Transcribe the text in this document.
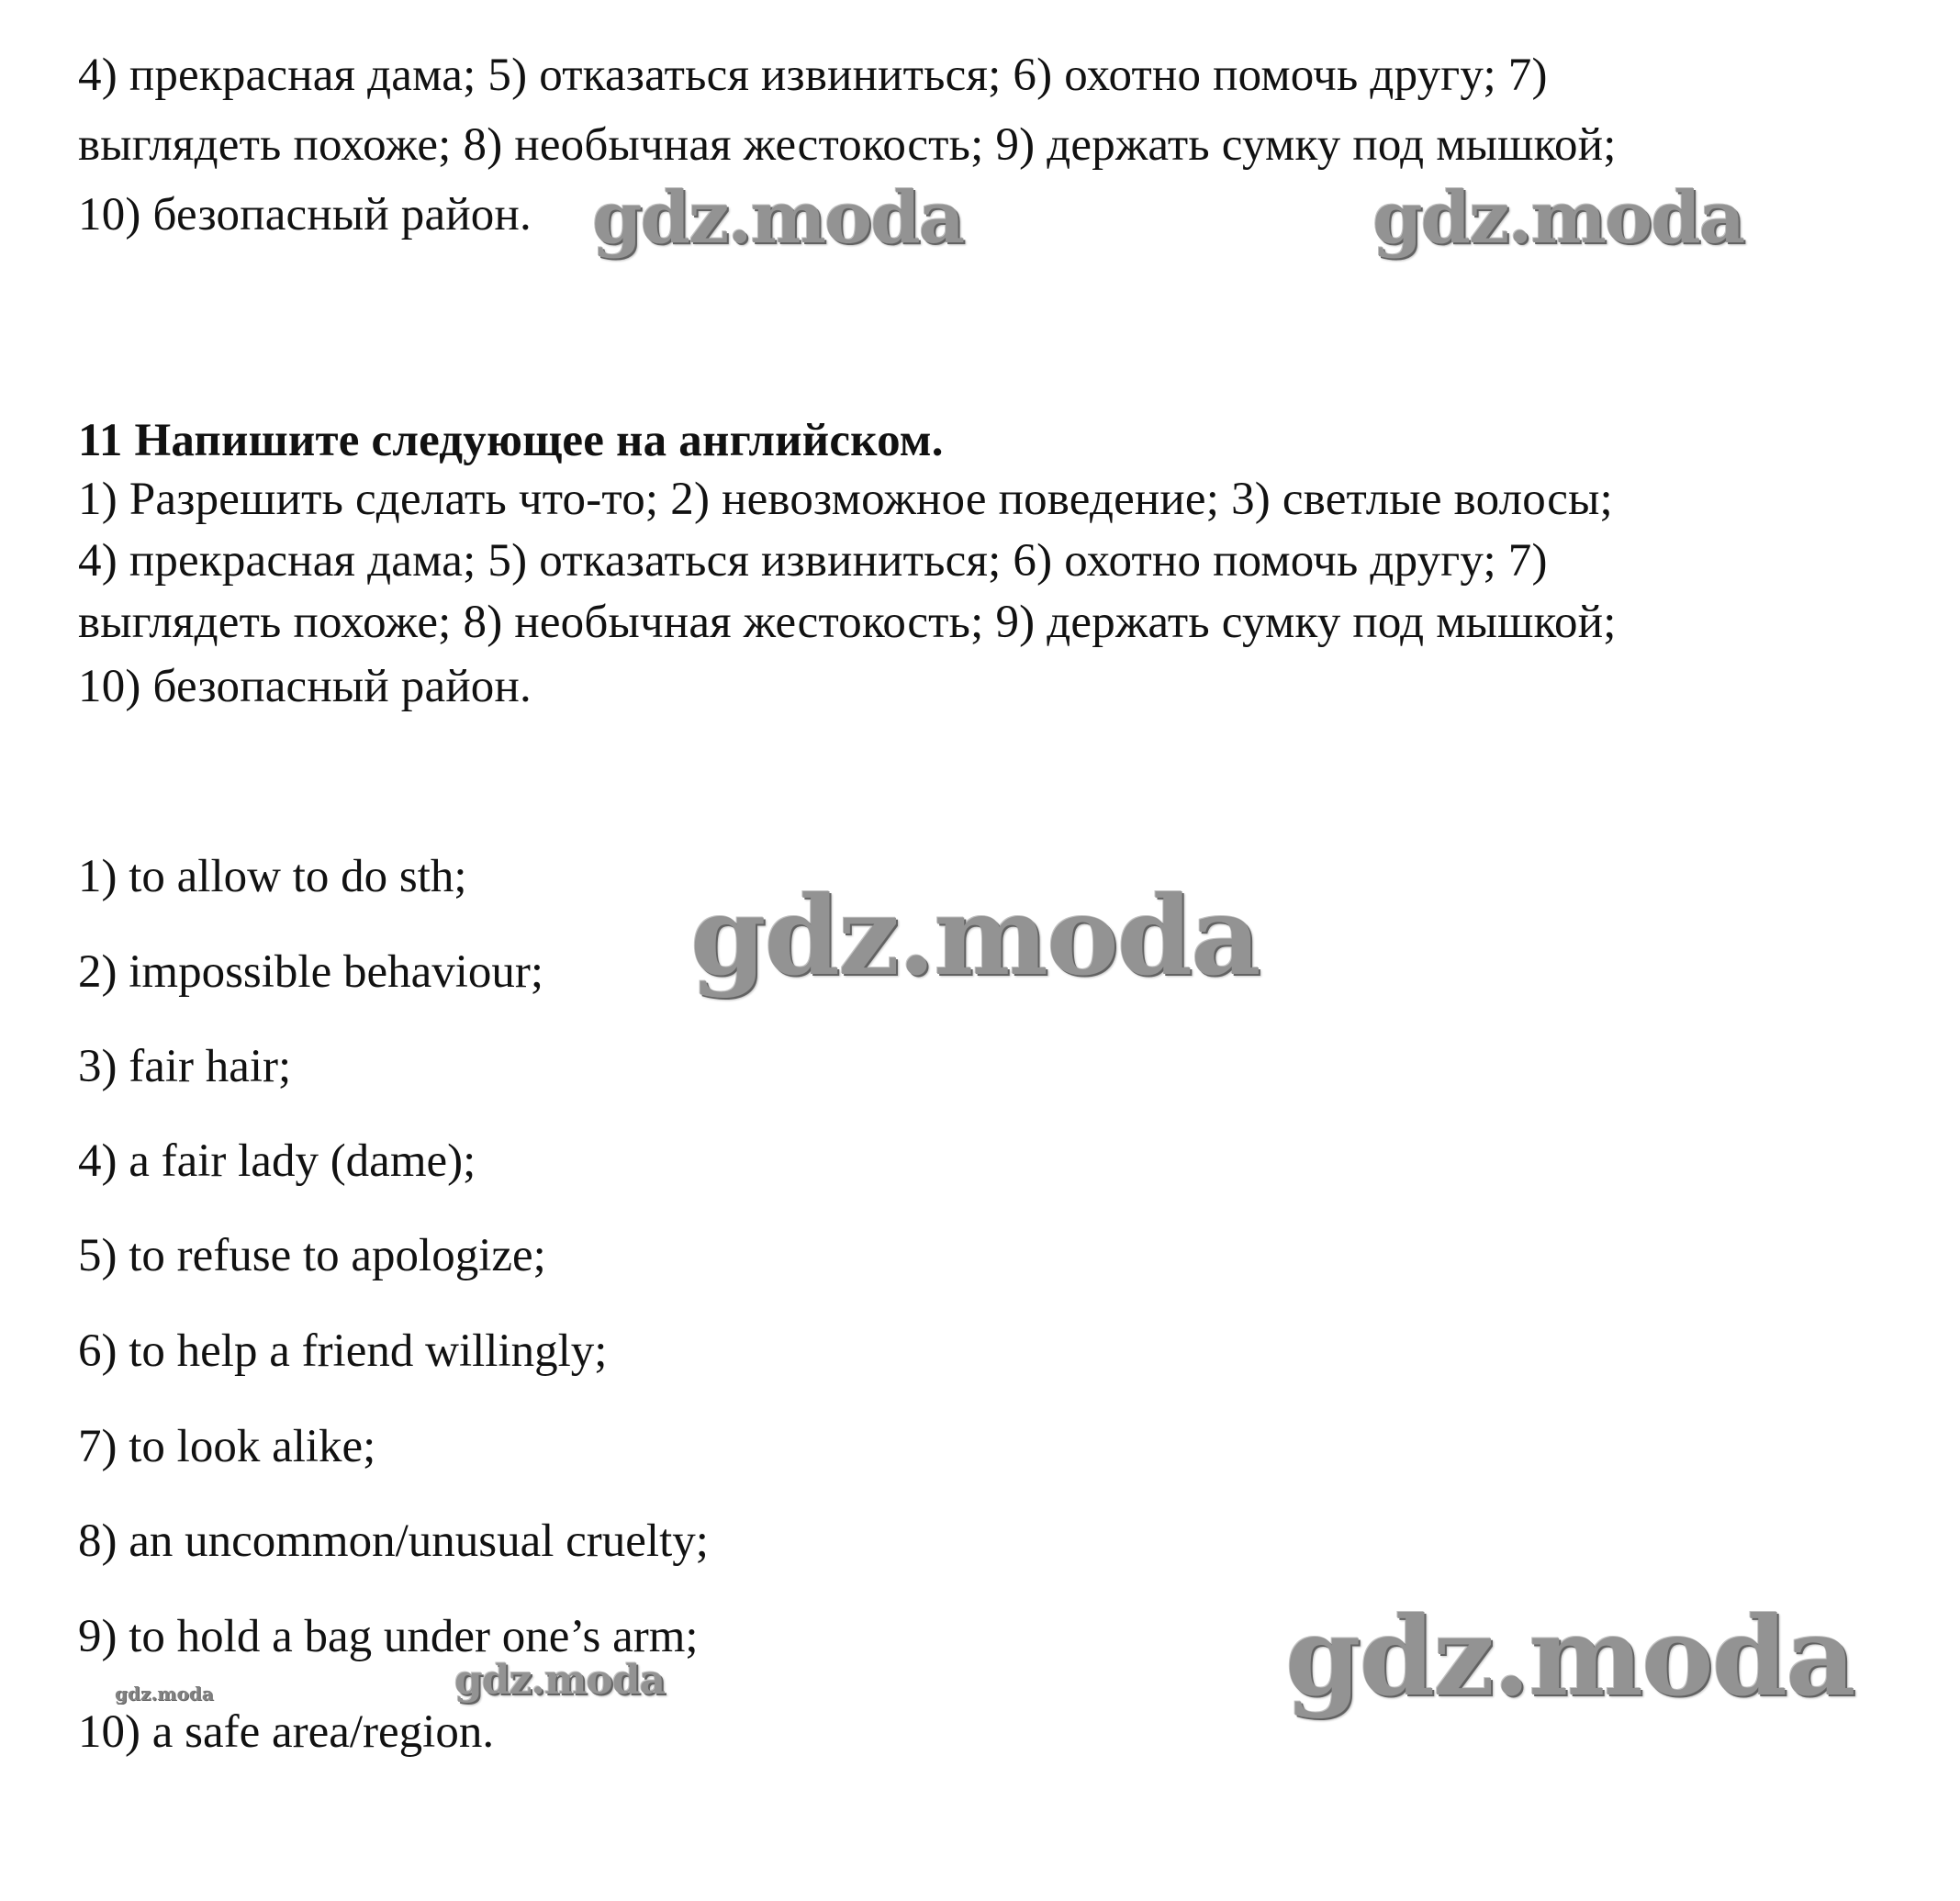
4) прекрасная дама; 5) отказаться извиниться; 6) охотно помочь другу; 7)
выглядеть похоже; 8) необычная жестокость; 9) держать сумку под мышкой;
10) безопасный район.
11 Напишите следующее на английском.
1) Разрешить сделать что-то; 2) невозможное поведение; 3) светлые волосы;
4) прекрасная дама; 5) отказаться извиниться; 6) охотно помочь другу; 7)
выглядеть похоже; 8) необычная жестокость; 9) держать сумку под мышкой;
10) безопасный район.
1) to allow to do sth;
2) impossible behaviour;
3) fair hair;
4) a fair lady (dame);
5) to refuse to apologize;
6) to help a friend willingly;
7) to look alike;
8) an uncommon/unusual cruelty;
9) to hold a bag under one’s arm;
10) a safe area/region.
gdz.moda	gdz.moda
gdz.moda
gdz.moda
gdz.moda
gdz.moda
